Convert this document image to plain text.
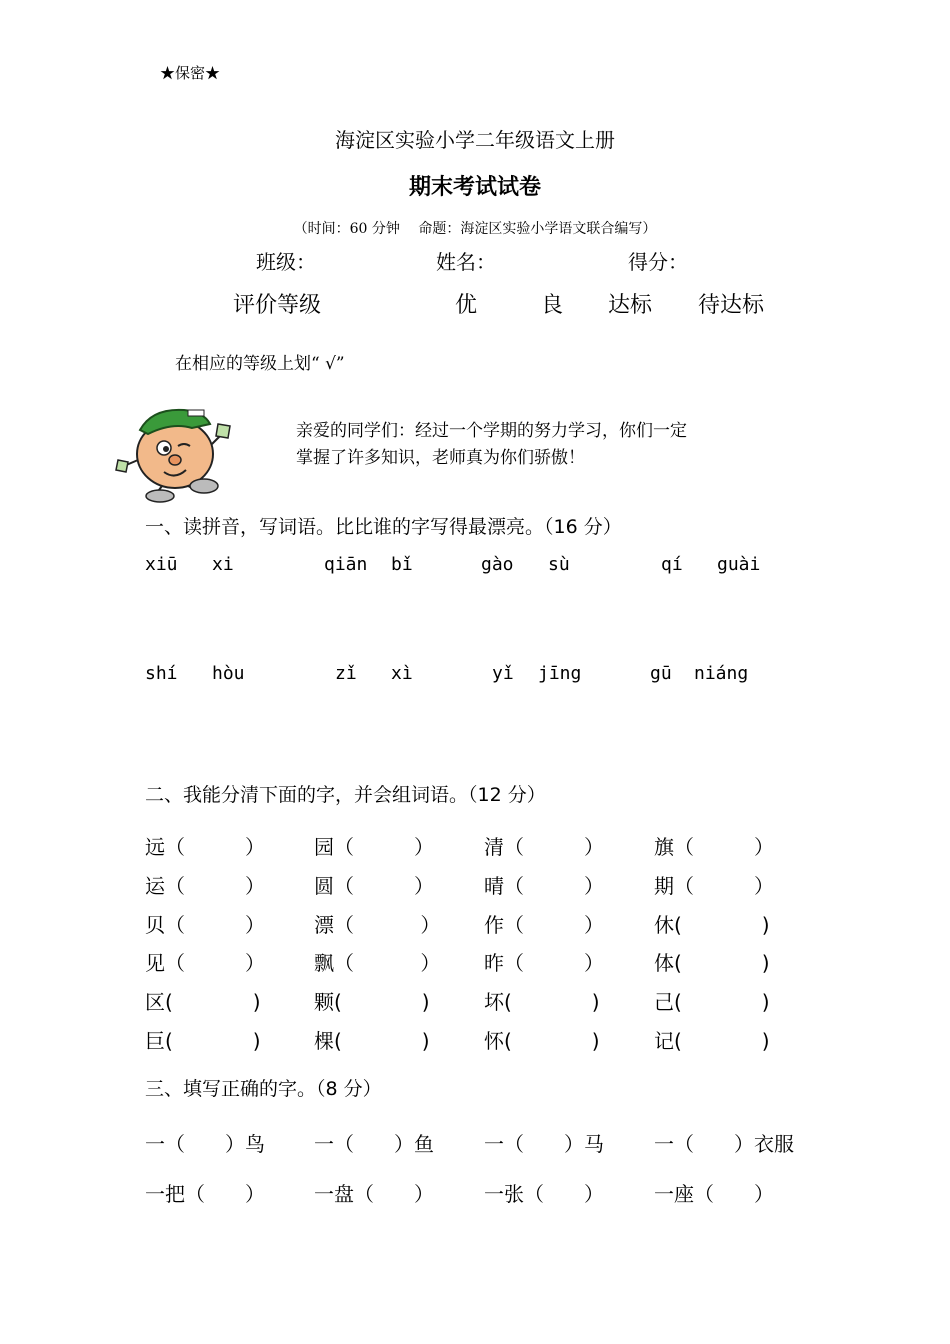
★保密★
海淀区实验小学二年级语文上册
期末考试试卷
（时间：60 分钟　 命题：海淀区实验小学语文联合编写）
班级：	姓名：	得分：
评价等级	优	良 达标 待达标
在相应的等级上划“ √”
亲爱的同学们：经过一个学期的努力学习，你们一定掌握了许多知识，老师真为你们骄傲！
一、读拼音，写词语。比比谁的字写得最漂亮。（16 分）
xiū xi	qiān bǐ	gào sù	qí guài
shí hòu	zǐ xì	yǐ jīng	gū niáng
二、我能分清下面的字，并会组词语。（12 分）
远（　　　） 园（　　　）	清（　　　）	旗（　　　）
运（　　　） 圆（　　　）	晴（　　　）	期（　　　）
贝（　　　） 漂（　　　 ） 作（　　　）	休(　　　　)
见（　　　） 飘（　　　 ） 昨（　　　）	体(　　　　)
区(　　　　)	颗(　　　　)	坏(　　　　)	己(　　　　)
巨(　　　　)	棵(　　　　)	怀(　　　　)	记(　　　　)
三、填写正确的字。（8 分）
一（　　）鸟 一（　　）鱼	一（　　）马	一（　　）衣服
一把（　　） 一盘（　　）	一张（　　）	一座（　　）
